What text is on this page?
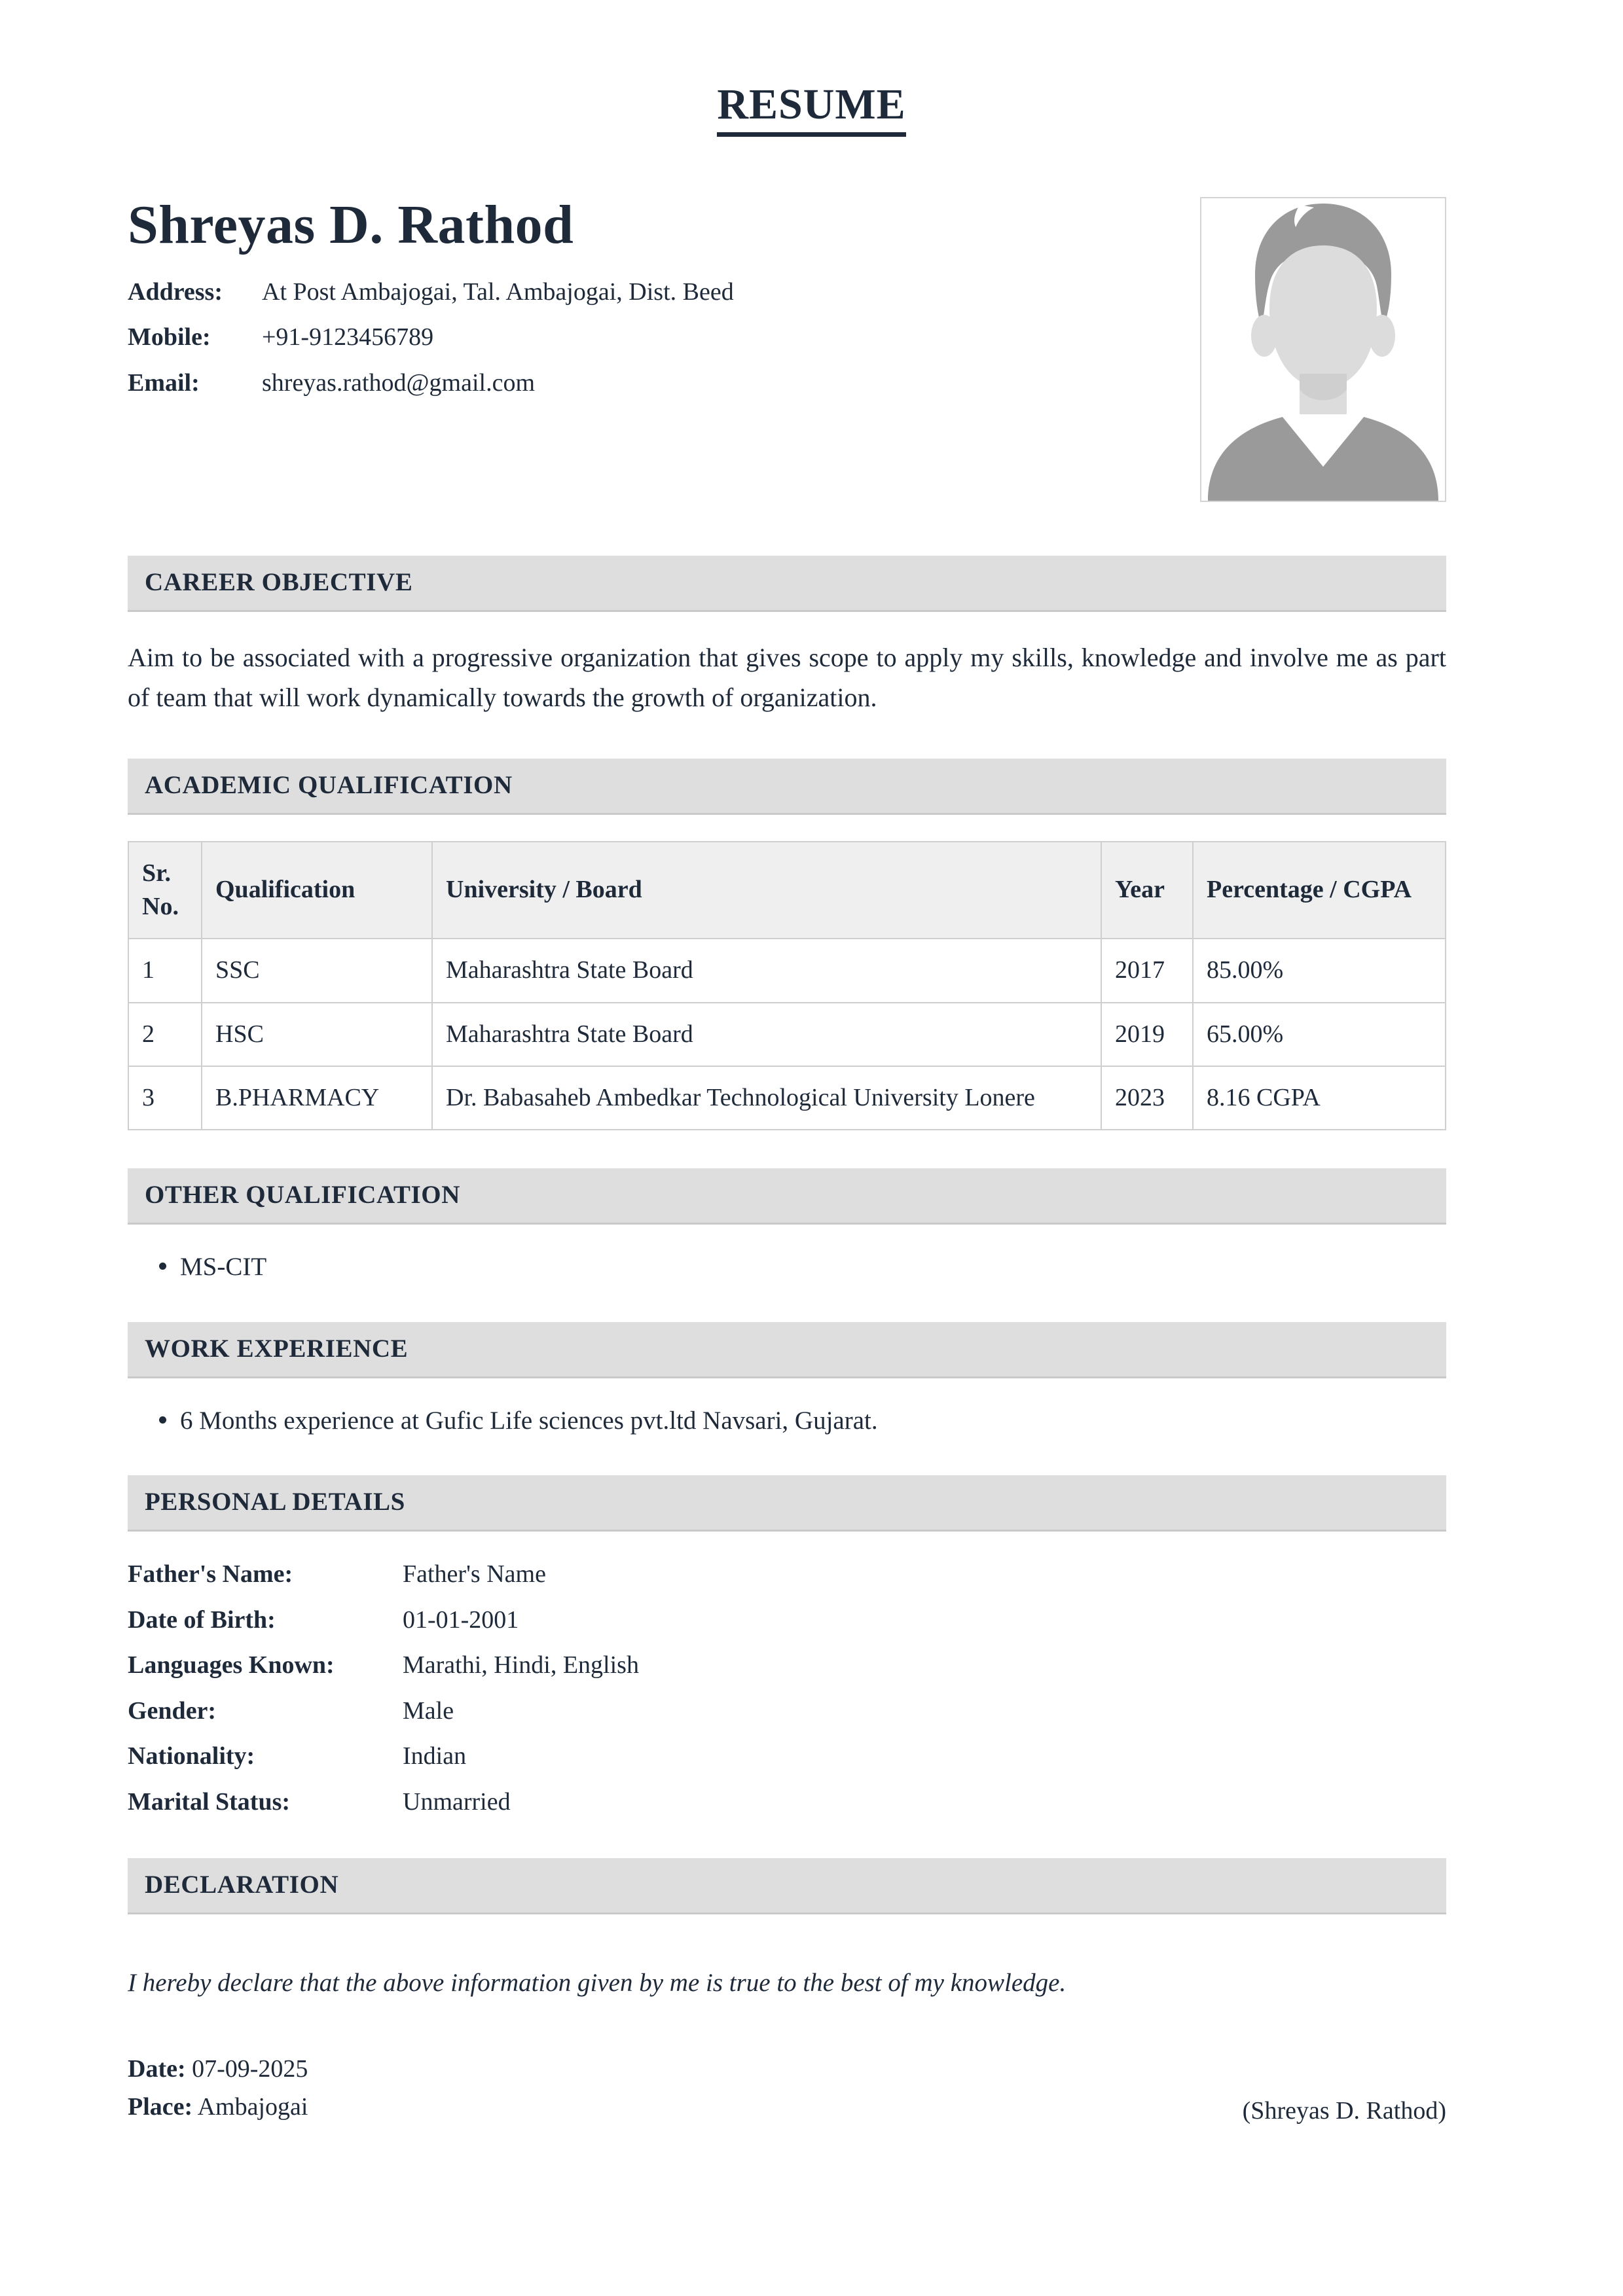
RESUME
Shreyas D. Rathod
Address:	At Post Ambajogai, Tal. Ambajogai, Dist. Beed
Mobile:	+91-9123456789
Email:	shreyas.rathod@gmail.com
CAREER OBJECTIVE

Aim to be associated with a progressive organization that gives scope to apply my skills, knowledge and involve me as part of team that will work dynamically towards the growth of organization.

ACADEMIC QUALIFICATION
Sr. No.	Qualification	University / Board	Year	Percentage / CGPA
1	SSC	Maharashtra State Board	2017	85.00%
2	HSC	Maharashtra State Board	2019	65.00%
3	B.PHARMACY	Dr. Babasaheb Ambedkar Technological University Lonere	2023	8.16 CGPA
OTHER QUALIFICATION
MS-CIT
WORK EXPERIENCE
6 Months experience at Gufic Life sciences pvt.ltd Navsari, Gujarat.
PERSONAL DETAILS
Father's Name:	Father's Name
Date of Birth:	01-01-2001
Languages Known:	Marathi, Hindi, English
Gender:	Male
Nationality:	Indian
Marital Status:	Unmarried
DECLARATION

I hereby declare that the above information given by me is true to the best of my knowledge.

Date: 07-09-2025
Place: Ambajogai	(Shreyas D. Rathod)
